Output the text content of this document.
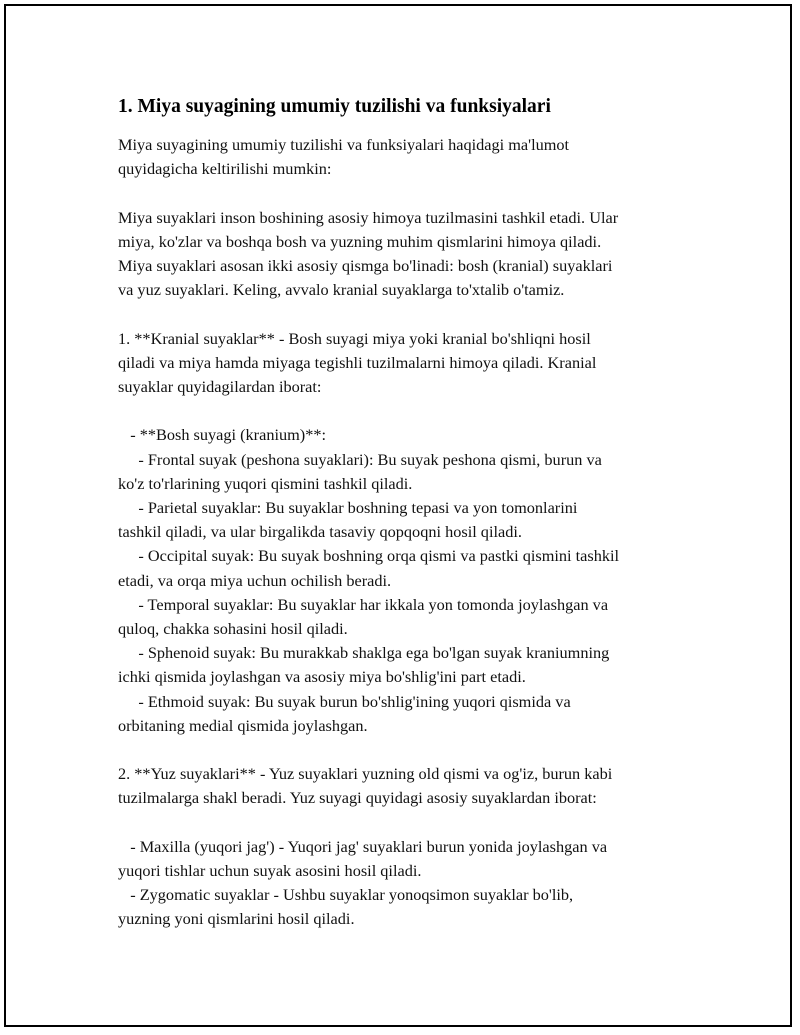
1. Miya suyagining umumiy tuzilishi va funksiyalari
Miya suyagining umumiy tuzilishi va funksiyalari haqidagi ma'lumot
quyidagicha keltirilishi mumkin:
Miya suyaklari inson boshining asosiy himoya tuzilmasini tashkil etadi. Ular
miya, ko'zlar va boshqa bosh va yuzning muhim qismlarini himoya qiladi.
Miya suyaklari asosan ikki asosiy qismga bo'linadi: bosh (kranial) suyaklari
va yuz suyaklari. Keling, avvalo kranial suyaklarga to'xtalib o'tamiz.
1. **Kranial suyaklar** - Bosh suyagi miya yoki kranial bo'shliqni hosil
qiladi va miya hamda miyaga tegishli tuzilmalarni himoya qiladi. Kranial
suyaklar quyidagilardan iborat:
- **Bosh suyagi (kranium)**:
- Frontal suyak (peshona suyaklari): Bu suyak peshona qismi, burun va
ko'z to'rlarining yuqori qismini tashkil qiladi.
- Parietal suyaklar: Bu suyaklar boshning tepasi va yon tomonlarini
tashkil qiladi, va ular birgalikda tasaviy qopqoqni hosil qiladi.
- Occipital suyak: Bu suyak boshning orqa qismi va pastki qismini tashkil
etadi, va orqa miya uchun ochilish beradi.
- Temporal suyaklar: Bu suyaklar har ikkala yon tomonda joylashgan va
quloq, chakka sohasini hosil qiladi.
- Sphenoid suyak: Bu murakkab shaklga ega bo'lgan suyak kraniumning
ichki qismida joylashgan va asosiy miya bo'shlig'ini part etadi.
- Ethmoid suyak: Bu suyak burun bo'shlig'ining yuqori qismida va
orbitaning medial qismida joylashgan.
2. **Yuz suyaklari** - Yuz suyaklari yuzning old qismi va og'iz, burun kabi
tuzilmalarga shakl beradi. Yuz suyagi quyidagi asosiy suyaklardan iborat:
- Maxilla (yuqori jag') - Yuqori jag' suyaklari burun yonida joylashgan va
yuqori tishlar uchun suyak asosini hosil qiladi.
- Zygomatic suyaklar - Ushbu suyaklar yonoqsimon suyaklar bo'lib,
yuzning yoni qismlarini hosil qiladi.
